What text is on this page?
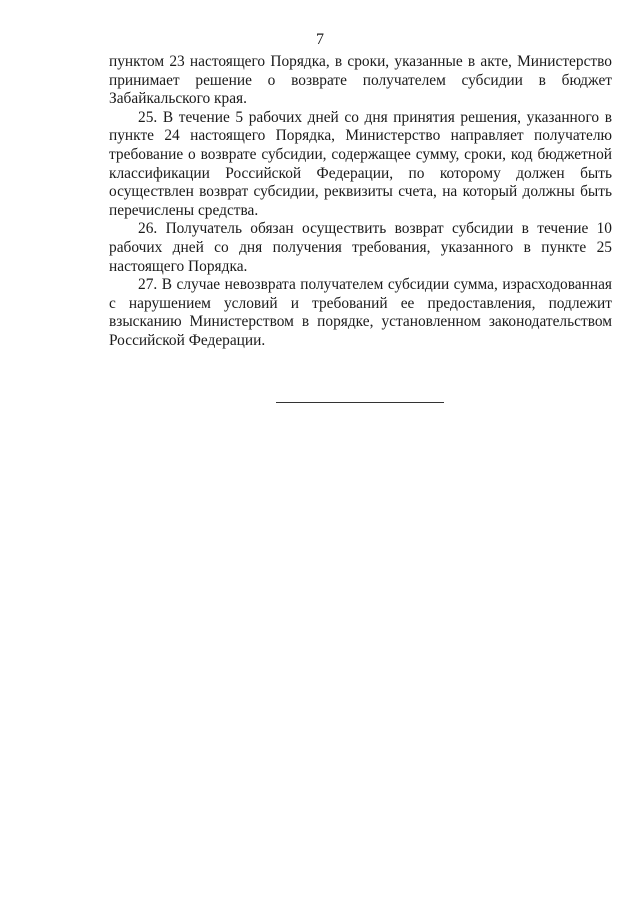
7

пунктом 23 настоящего Порядка, в сроки, указанные в акте, Министерство принимает решение о возврате получателем субсидии в бюджет Забайкальского края.

25. В течение 5 рабочих дней со дня принятия решения, указанного в пункте 24 настоящего Порядка, Министерство направляет получателю требование о возврате субсидии, содержащее сумму, сроки, код бюджетной классификации Российской Федерации, по которому должен быть осуществлен возврат субсидии, реквизиты счета, на который должны быть перечислены средства.

26. Получатель обязан осуществить возврат субсидии в течение 10 рабочих дней со дня получения требования, указанного в пункте 25 настоящего Порядка.

27. В случае невозврата получателем субсидии сумма, израсходованная с нарушением условий и требований ее предоставления, подлежит взысканию Министерством в порядке, установленном законодательством Российской Федерации.
